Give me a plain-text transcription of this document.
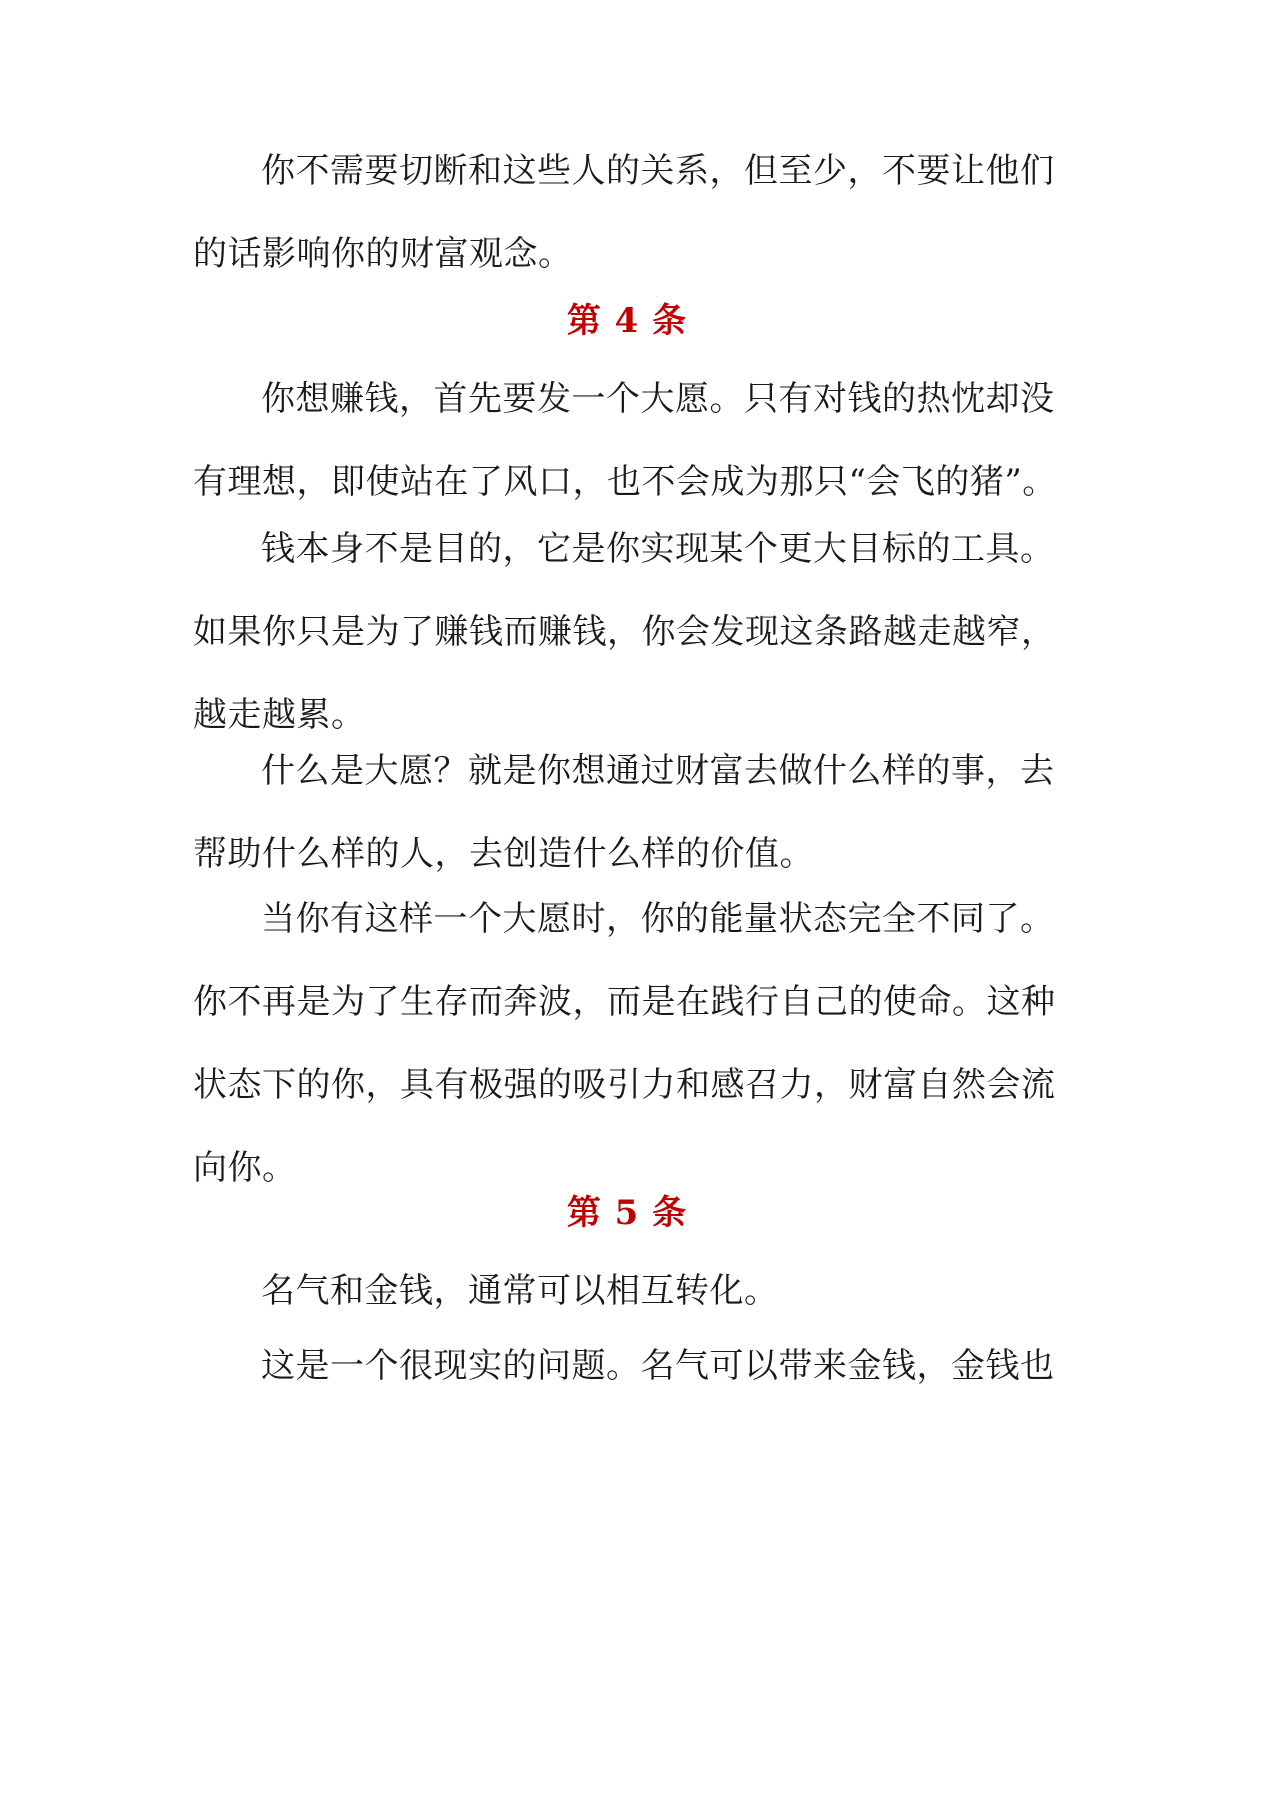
你不需要切断和这些人的关系，但至少，不要让他们
的话影响你的财富观念。

第 4 条

你想赚钱，首先要发一个大愿。只有对钱的热忱却没
有理想，即使站在了风口，也不会成为那只“会飞的猪”。

钱本身不是目的，它是你实现某个更大目标的工具。
如果你只是为了赚钱而赚钱，你会发现这条路越走越窄，
越走越累。

什么是大愿？就是你想通过财富去做什么样的事，去
帮助什么样的人，去创造什么样的价值。

当你有这样一个大愿时，你的能量状态完全不同了。
你不再是为了生存而奔波，而是在践行自己的使命。这种
状态下的你，具有极强的吸引力和感召力，财富自然会流
向你。

第 5 条

名气和金钱，通常可以相互转化。

这是一个很现实的问题。名气可以带来金钱，金钱也
